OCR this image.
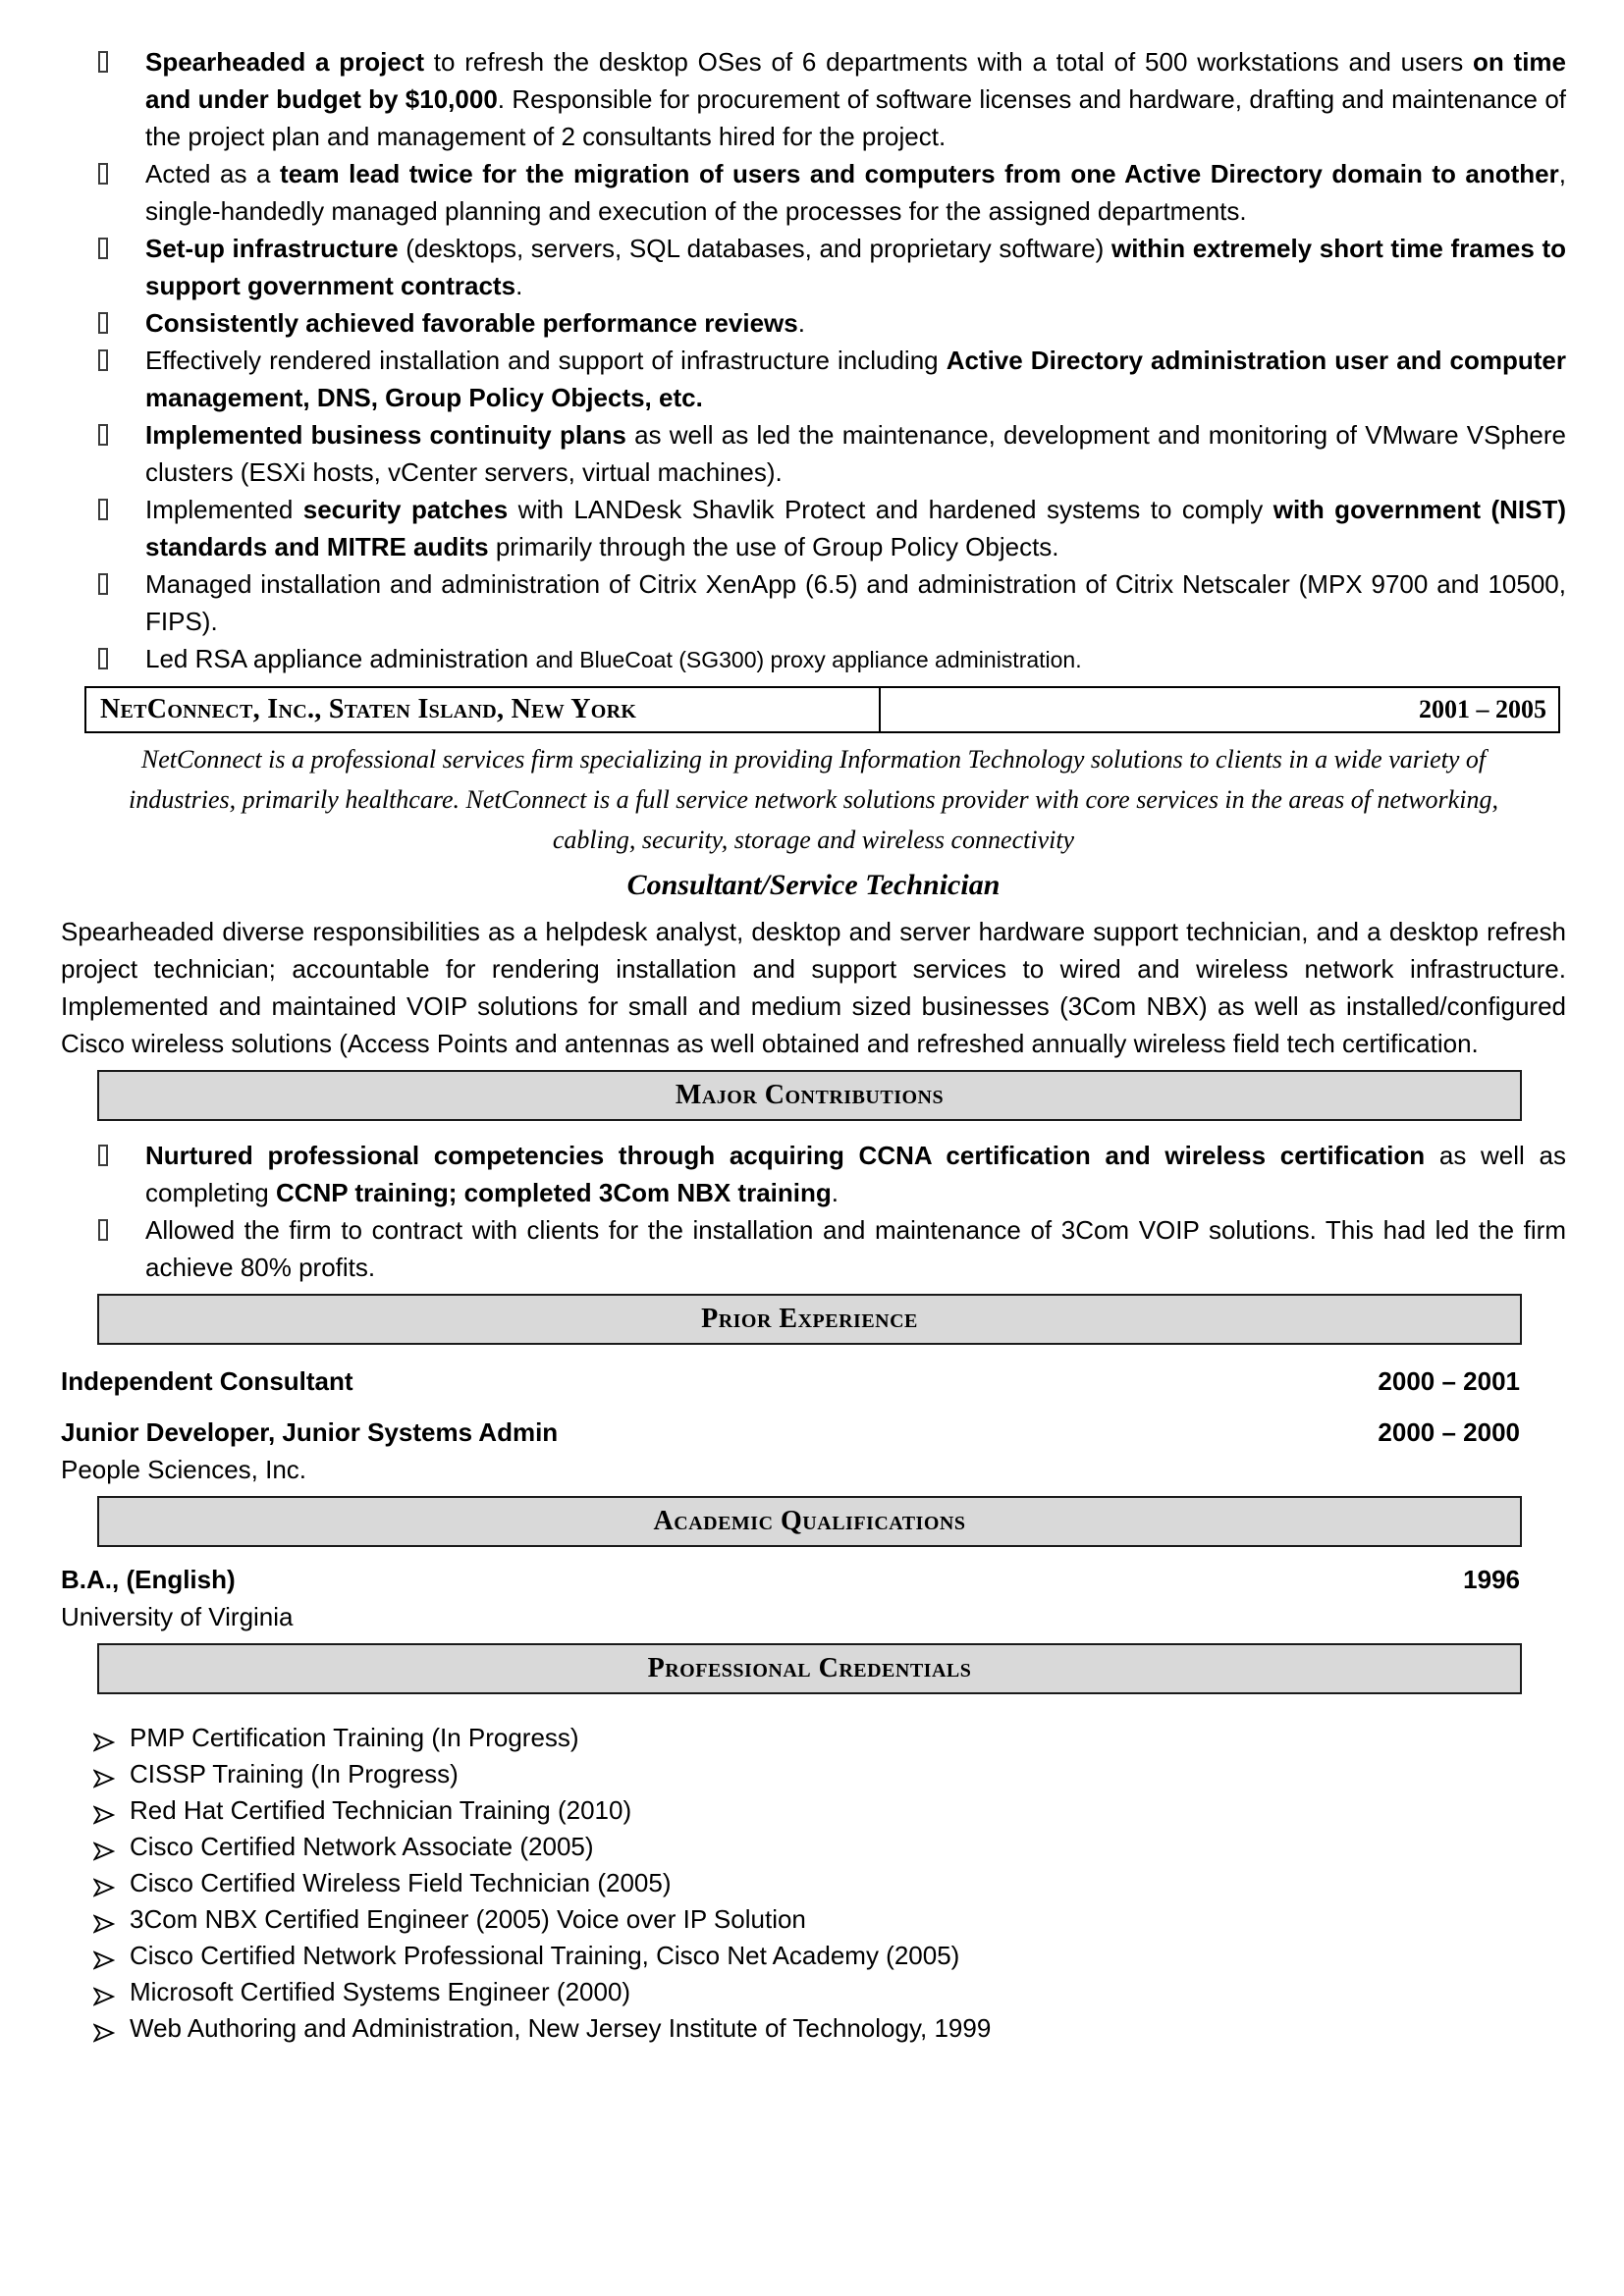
Spearheaded a project to refresh the desktop OSes of 6 departments with a total of 500 workstations and users on time and under budget by $10,000. Responsible for procurement of software licenses and hardware, drafting and maintenance of the project plan and management of 2 consultants hired for the project.
Acted as a team lead twice for the migration of users and computers from one Active Directory domain to another, single-handedly managed planning and execution of the processes for the assigned departments.
Set-up infrastructure (desktops, servers, SQL databases, and proprietary software) within extremely short time frames to support government contracts.
Consistently achieved favorable performance reviews.
Effectively rendered installation and support of infrastructure including Active Directory administration user and computer management, DNS, Group Policy Objects, etc.
Implemented business continuity plans as well as led the maintenance, development and monitoring of VMware VSphere clusters (ESXi hosts, vCenter servers, virtual machines).
Implemented security patches with LANDesk Shavlik Protect and hardened systems to comply with government (NIST) standards and MITRE audits primarily through the use of Group Policy Objects.
Managed installation and administration of Citrix XenApp (6.5) and administration of Citrix Netscaler (MPX 9700 and 10500, FIPS).
Led RSA appliance administration and BlueCoat (SG300) proxy appliance administration.
NetConnect, Inc., Staten Island, New York	2001 – 2005
NetConnect is a professional services firm specializing in providing Information Technology solutions to clients in a wide variety of industries, primarily healthcare. NetConnect is a full service network solutions provider with core services in the areas of networking, cabling, security, storage and wireless connectivity
Consultant/Service Technician
Spearheaded diverse responsibilities as a helpdesk analyst, desktop and server hardware support technician, and a desktop refresh project technician; accountable for rendering installation and support services to wired and wireless network infrastructure. Implemented and maintained VOIP solutions for small and medium sized businesses (3Com NBX) as well as installed/configured Cisco wireless solutions (Access Points and antennas as well obtained and refreshed annually wireless field tech certification.
Major Contributions
Nurtured professional competencies through acquiring CCNA certification and wireless certification as well as completing CCNP training; completed 3Com NBX training.
Allowed the firm to contract with clients for the installation and maintenance of 3Com VOIP solutions. This had led the firm achieve 80% profits.
Prior Experience
Independent Consultant	2000 – 2001
Junior Developer, Junior Systems Admin	2000 – 2000
People Sciences, Inc.
Academic Qualifications
B.A., (English)	1996
University of Virginia
Professional Credentials
PMP Certification Training (In Progress)
CISSP Training (In Progress)
Red Hat Certified Technician Training (2010)
Cisco Certified Network Associate (2005)
Cisco Certified Wireless Field Technician (2005)
3Com NBX Certified Engineer (2005) Voice over IP Solution
Cisco Certified Network Professional Training, Cisco Net Academy (2005)
Microsoft Certified Systems Engineer (2000)
Web Authoring and Administration, New Jersey Institute of Technology, 1999
